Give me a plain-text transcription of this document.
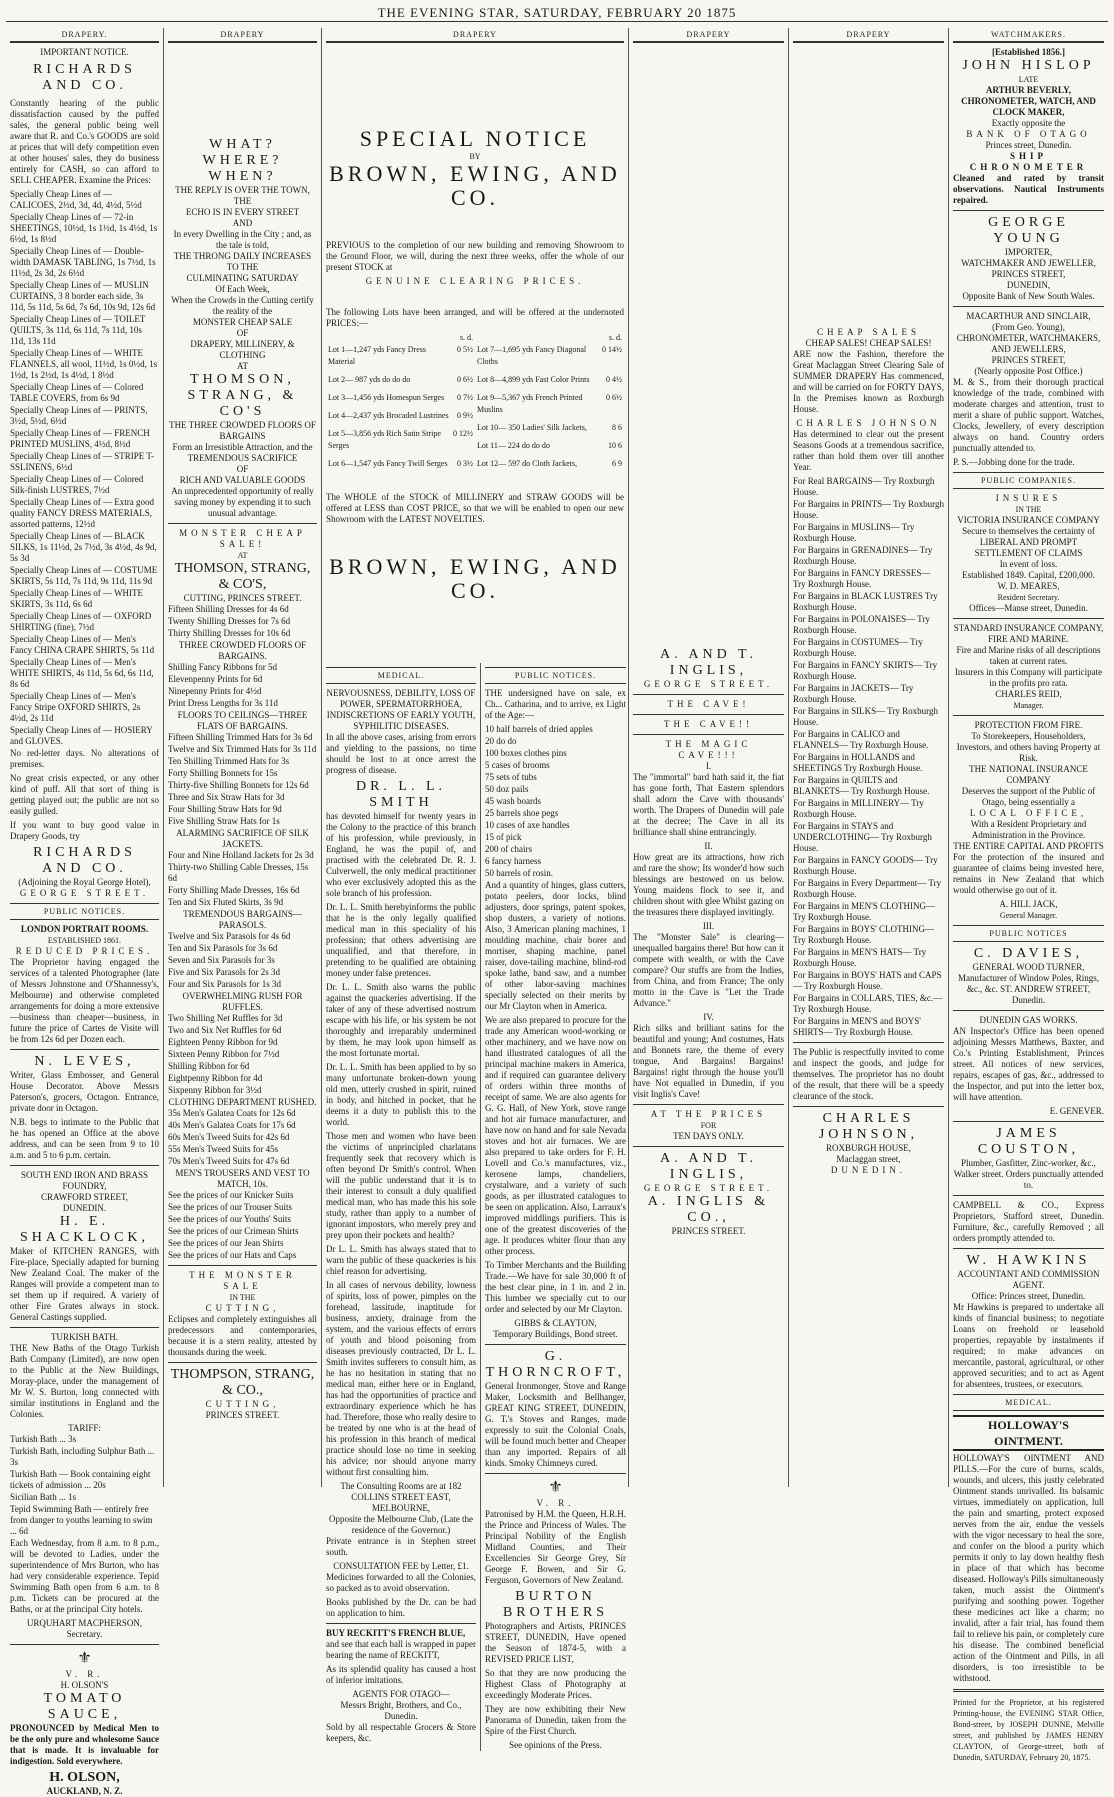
THE EVENING STAR, SATURDAY, FEBRUARY 20 1875
DRAPERY.
IMPORTANT NOTICE.
RICHARDS AND CO.

Constantly hearing of the public dissatisfaction caused by the puffed sales, the general public being well aware that R. and Co.'s GOODS are sold at prices that will defy competition even at other houses' sales, they do business entirely for CASH, so can afford to SELL CHEAPER. Examine the Prices:

Specially Cheap Lines of — CALICOES, 2½d, 3d, 4d, 4½d, 5½d
Specially Cheap Lines of — 72-in SHEETINGS, 10½d, 1s 1½d, 1s 4½d, 1s 6½d, 1s 8½d
Specially Cheap Lines of — Double-width DAMASK TABLING, 1s 7½d, 1s 11½d, 2s 3d, 2s 6½d
Specially Cheap Lines of — MUSLIN CURTAINS, 3 8 border each side, 3s 11d, 5s 11d, 5s 6d, 7s 6d, 10s 9d, 12s 6d
Specially Cheap Lines of — TOILET QUILTS, 3s 11d, 6s 11d, 7s 11d, 10s 11d, 13s 11d
Specially Cheap Lines of — WHITE FLANNELS, all wool, 11½d, 1s 0½d, 1s 1½d, 1s 2½d, 1s 4½d, 1 8½d
Specially Cheap Lines of — Colored TABLE COVERS, from 6s 9d
Specially Cheap Lines of — PRINTS, 3½d, 5½d, 6½d
Specially Cheap Lines of — FRENCH PRINTED MUSLINS, 4½d, 8½d
Specially Cheap Lines of — STRIPE T-SSLINENS, 6½d
Specially Cheap Lines of — Colored Silk-finish LUSTRES, 7½d
Specially Cheap Lines of — Extra good quality FANCY DRESS MATERIALS, assorted patterns, 12½d
Specially Cheap Lines of — BLACK SILKS, 1s 11½d, 2s 7½d, 3s 4½d, 4s 9d, 5s 3d
Specially Cheap Lines of — COSTUME SKIRTS, 5s 11d, 7s 11d, 9s 11d, 11s 9d
Specially Cheap Lines of — WHITE SKIRTS, 3s 11d, 6s 6d
Specially Cheap Lines of — OXFORD SHIRTING (fine), 7½d
Specially Cheap Lines of — Men's Fancy CHINA CRAPE SHIRTS, 5s 11d
Specially Cheap Lines of — Men's WHITE SHIRTS, 4s 11d, 5s 6d, 6s 11d, 8s 6d
Specially Cheap Lines of — Men's Fancy Stripe OXFORD SHIRTS, 2s 4½d, 2s 11d
Specially Cheap Lines of — HOSIERY and GLOVES.

No red-letter days. No alterations of premises.

No great crisis expected, or any other kind of puff. All that sort of thing is getting played out; the public are not so easily gulled.

If you want to buy good value in Drapery Goods, try

RICHARDS AND CO.
(Adjoining the Royal George Hotel),
GEORGE STREET.
PUBLIC NOTICES.
LONDON PORTRAIT ROOMS.
ESTABLISHED 1861.
REDUCED PRICES.

The Proprietor having engaged the services of a talented Photographer (late of Messrs Johnstone and O'Shannessy's, Melbourne) and otherwise completed arrangements for doing a more extensive—business than cheaper—business, in future the price of Cartes de Visite will be from 12s 6d per Dozen each.

N. LEVES,

Writer, Glass Embosser, and General House Decorator. Above Messrs Paterson's, grocers, Octagon. Entrance, private door in Octagon.

N.B. begs to intimate to the Public that he has opened an Office at the above address, and can be seen from 9 to 10 a.m. and 5 to 6 p.m. certain.

SOUTH END IRON AND BRASS FOUNDRY,
CRAWFORD STREET,
DUNEDIN.
H. E. SHACKLOCK,

Maker of KITCHEN RANGES, with Fire-place, Specially adapted for burning New Zealand Coal. The maker of the Ranges will provide a competent man to set them up if required. A variety of other Fire Grates always in stock. General Castings supplied.

TURKISH BATH.

THE New Baths of the Otago Turkish Bath Company (Limited), are now open to the Public at the New Buildings, Moray-place, under the management of Mr W. S. Burton, long connected with similar institutions in England and the Colonies.

TARIFF:
Turkish Bath ... 3s
Turkish Bath, including Sulphur Bath ... 3s
Turkish Bath — Book containing eight tickets of admission ... 20s
Sicilian Bath ... 1s
Tepid Swimming Bath — entirely free from danger to youths learning to swim ... 6d

Each Wednesday, from 8 a.m. to 8 p.m., will be devoted to Ladies, under the superintendence of Mrs Burton, who has had very considerable experience. Tepid Swimming Bath open from 6 a.m. to 8 p.m. Tickets can be procured at the Baths, or at the principal City hotels.

URQUHART MACPHERSON, Secretary.
⚜
V. R.
H. OLSON'S
TOMATO SAUCE,

PRONOUNCED by Medical Men to be the only pure and wholesome Sauce that is made. It is invaluable for indigestion. Sold everywhere.

H. OLSON,
AUCKLAND, N. Z.
DRAPERY
WHAT? WHERE? WHEN?
THE REPLY IS OVER THE TOWN,
THE
ECHO IS IN EVERY STREET
AND
In every Dwelling in the City ; and, as the tale is told,
THE THRONG DAILY INCREASES
TO THE
CULMINATING SATURDAY
Of Each Week,
When the Crowds in the Cutting certify the reality of the
MONSTER CHEAP SALE
OF
DRAPERY, MILLINERY, & CLOTHING
AT
THOMSON, STRANG, & CO'S
THE THREE CROWDED FLOORS OF BARGAINS
Form an Irresistible Attraction, and the
TREMENDOUS SACRIFICE
OF
RICH AND VALUABLE GOODS
An unprecedented opportunity of really saving money by expending it to such unusual advantage.
MONSTER CHEAP SALE!
AT
THOMSON, STRANG, & CO'S,
CUTTING, PRINCES STREET.
Fifteen Shilling Dresses for 4s 6d
Twenty Shilling Dresses for 7s 6d
Thirty Shilling Dresses for 10s 6d
THREE CROWDED FLOORS OF BARGAINS.
Shilling Fancy Ribbons for 5d
Elevenpenny Prints for 6d
Ninepenny Prints for 4½d
Print Dress Lengths for 3s 11d
FLOORS TO CEILINGS—THREE FLATS OF BARGAINS.
Fifteen Shilling Trimmed Hats for 3s 6d
Twelve and Six Trimmed Hats for 3s 11d
Ten Shilling Trimmed Hats for 3s
Forty Shilling Bonnets for 15s
Thirty-five Shilling Bonnets for 12s 6d
Three and Six Straw Hats for 3d
Four Shilling Straw Hats for 9d
Five Shilling Straw Hats for 1s
ALARMING SACRIFICE OF SILK JACKETS.
Four and Nine Holland Jackets for 2s 3d
Thirty-two Shilling Cable Dresses, 15s 6d
Forty Shilling Made Dresses, 16s 6d
Ten and Six Fluted Skirts, 3s 9d
TREMENDOUS BARGAINS—PARASOLS.
Twelve and Six Parasols for 4s 6d
Ten and Six Parasols for 3s 6d
Seven and Six Parasols for 3s
Five and Six Parasols for 2s 3d
Four and Six Parasols for 1s 3d
OVERWHELMING RUSH FOR RUFFLES.
Two Shilling Net Ruffles for 3d
Two and Six Net Ruffles for 6d
Eighteen Penny Ribbon for 9d
Sixteen Penny Ribbon for 7½d
Shilling Ribbon for 6d
Eightpenny Ribbon for 4d
Sixpenny Ribbon for 3½d
CLOTHING DEPARTMENT RUSHED.
35s Men's Galatea Coats for 12s 6d
40s Men's Galatea Coats for 17s 6d
60s Men's Tweed Suits for 42s 6d
55s Men's Tweed Suits for 45s
70s Men's Tweed Suits for 47s 6d
MEN'S TROUSERS AND VEST TO MATCH, 10s.
See the prices of our Knicker Suits
See the prices of our Trouser Suits
See the prices of our Youths' Suits
See the prices of our Crimean Shirts
See the prices of our Jean Shirts
See the prices of our Hats and Caps
THE MONSTER SALE
IN THE
CUTTING,

Eclipses and completely extinguishes all predecessors and contemporaries, because it is a stern reality, attested by thousands during the week.

THOMPSON, STRANG, & CO.,
CUTTING,
PRINCES STREET.
DRAPERY
SPECIAL NOTICE
BY
BROWN, EWING, AND CO.

PREVIOUS to the completion of our new building and removing Showroom to the Ground Floor, we will, during the next three weeks, offer the whole of our present STOCK at

GENUINE CLEARING PRICES.

The following Lots have been arranged, and will be offered at the undernoted PRICES:—

s. d.
Lot 1—1,247 yds Fancy Dress Material
0 5½
Lot 2— 987 yds do do do	0 6½
Lot 3—1,456 yds Homespun Serges 0 7½
Lot 4—2,437 yds Brocaded Lustrines 0 9½
Lot 5—3,856 yds Rich Satin Stripe Serges
0 12½
Lot 6—1,547 yds Fancy Twill Serges 0 3½

s. d.
Lot 7—1,695 yds Fancy Diagonal Cloths
0 14½
Lot 8—4,899 yds Fast Color Prints 0 4½
Lot 9—5,367 yds French Printed Muslins
0 6½
Lot 10— 350 Ladies' Silk Jackets,	8 6
Lot 11— 224 do do do	10 6
Lot 12— 597 do Cloth Jackets,	6 9

The WHOLE of the STOCK of MILLINERY and STRAW GOODS will be offered at LESS than COST PRICE, so that we will be enabled to open our new Showroom with the LATEST NOVELTIES.

BROWN, EWING, AND CO.
MEDICAL.
NERVOUSNESS, DEBILITY, LOSS OF POWER, SPERMATORRHOEA, INDISCRETIONS OF EARLY YOUTH, SYPHILITIC DISEASES.

In all the above cases, arising from errors and yielding to the passions, no time should be lost to at once arrest the progress of disease.

DR. L. L. SMITH

has devoted himself for twenty years in the Colony to the practice of this branch of his profession, while previously, in England, he was the pupil of, and practised with the celebrated Dr. R. J. Culverwell, the only medical practitioner who ever exclusively adopted this as the sole branch of his profession.

Dr. L. L. Smith herebyinforms the public that he is the only legally qualified medical man in this speciality of his profession; that others advertising are unqualified, and that therefore, in pretending to be qualified are obtaining money under false pretences.

Dr. L. L. Smith also warns the public against the quackeries advertising. If the taker of any of these advertised nostrum escape with his life, or his system be not thoroughly and irreparably undermined by them, he may look upon himself as the most fortunate mortal.

Dr. L. L. Smith has been applied to by so many unfortunate broken-down young old men, utterly crushed in spirit, ruined in body, and hitched in pocket, that he deems it a duty to publish this to the world.

Those men and women who have been the victims of unprincipled charlatans frequently seek that recovery which is often beyond Dr Smith's control. When will the public understand that it is to their interest to consult a duly qualified medical man, who has made this his sole study, rather than apply to a number of ignorant impostors, who merely prey and prey upon their pockets and health?

Dr L. L. Smith has always stated that to warn the public of these quackeries is his chief reason for advertising.

In all cases of nervous debility, lowness of spirits, loss of power, pimples on the forehead, lassitude, inaptitude for business, anxiety, drainage from the system, and the various effects of errors of youth and blood poisoning from diseases previously contracted, Dr L. L. Smith invites sufferers to consult him, as he has no hesitation in stating that no medical man, either here or in England, has had the opportunities of practice and extraordinary experience which he has had. Therefore, those who really desire to be treated by one who is at the head of his profession in this branch of medical practice should lose no time in seeking his advice; nor should anyone marry without first consulting him.

The Consulting Rooms are at 182
COLLINS STREET EAST, MELBOURNE,
Opposite the Melbourne Club, (Late the residence of the Governor.)

Private entrance is in Stephen street south.

CONSULTATION FEE by Letter, £1.

Medicines forwarded to all the Colonies, so packed as to avoid observation.

Books published by the Dr. can be had on application to him.

BUY RECKITT'S FRENCH BLUE,

and see that each ball is wrapped in paper bearing the name of RECKITT,

As its splendid quality has caused a host of inferior imitations.

AGENTS FOR OTAGO—
Messrs Bright, Brothers, and Co., Dunedin.

Sold by all respectable Grocers & Store keepers, &c.

PUBLIC NOTICES.

THE undersigned have on sale, ex Ch... Catharina, and to arrive, ex Light of the Age:—

10 half barrels of dried apples
20 do do
100 boxes clothes pins
5 cases of brooms
75 sets of tubs
50 doz pails
45 wash boards
25 barrels shoe pegs
10 cases of axe handles
15 of pick
200 of chairs
6 fancy harness
50 barrels of rosin.

And a quantity of hinges, glass cutters, potato peelers, door locks, blind adjusters, door springs, patent spokes, shop dusters, a variety of notions. Also, 3 American planing machines, 1 moulding machine, chair borer and mortiser, shaping machine, panel raiser, dove-tailing machine, blind-rod spoke lathe, band saw, and a number of other labor-saving machines specially selected on their merits by our Mr Clayton when in America.

We are also prepared to procure for the trade any American wood-working or other machinery, and we have now on hand illustrated catalogues of all the principal machine makers in America, and if required can guarantee delivery of orders within three months of receipt of same. We are also agents for G. G. Hall, of New York, stove range and hot air furnace manufacturer, and have now on hand and for sale Nevada stoves and hot air furnaces. We are also prepared to take orders for F. H. Lovell and Co.'s manufactures, viz., kerosene lamps, chandeliers, crystalware, and a variety of such goods, as per illustrated catalogues to be seen on application. Also, Larraux's improved middlings purifiers. This is one of the greatest discoveries of the age. It produces whiter flour than any other process.

To Timber Merchants and the Building Trade.—We have for sale 30,000 ft of the best clear pine, in 1 in. and 2 in. This lumber we specially cut to our order and selected by our Mr Clayton.

GIBBS & CLAYTON,
Temporary Buildings, Bond street.
G. THORNCROFT,

General Ironmonger, Stove and Range Maker, Locksmith and Bellhanger, GREAT KING STREET, DUNEDIN, G. T.'s Stoves and Ranges, made expressly to suit the Colonial Coals, will be found much better and Cheaper than any imported. Repairs of all kinds. Smoky Chimneys cured.

⚜
V. R.

Patronised by H.M. the Queen, H.R.H. the Prince and Princess of Wales. The Principal Nobility of the English Midland Counties, and Their Excellencies Sir George Grey, Sir George F. Bowen, and Sir G. Ferguson, Governors of New Zealand.

BURTON BROTHERS

Photographers and Artists, PRINCES STREET, DUNEDIN, Have opened the Season of 1874-5, with a REVISED PRICE LIST,

So that they are now producing the Highest Class of Photography at exceedingly Moderate Prices.

They are now exhibiting their New Panorama of Dunedin, taken from the Spire of the First Church.

See opinions of the Press.
DRAPERY
A. AND T. INGLIS,
GEORGE STREET.
THE CAVE!
THE CAVE!!
THE MAGIC CAVE!!!
I.

The "immortal" bard hath said it, the fiat has gone forth, That Eastern splendors shall adorn the Cave with thousands' worth. The Drapers of Dunedin will pale at the decree; The Cave in all its brilliance shall shine entrancingly.

II.

How great are its attractions, how rich and rare the show; Its wonder'd how such blessings are bestowed on us below. Young maidens flock to see it, and children shout with glee Whilst gazing on the treasures there displayed invitingly.

III.

The "Monster Sale" is clearing—unequalled bargains there! But how can it compete with wealth, or with the Cave compare? Our stuffs are from the Indies, from China, and from France; The only motto in the Cave is "Let the Trade Advance."

IV.

Rich silks and brilliant satins for the beautiful and young; And costumes, Hats and Bonnets rare, the theme of every tongue, And Bargains! Bargains! Bargains! right through the house you'll have Not equalled in Dunedin, if you visit Inglis's Cave!

AT THE PRICES
FOR
TEN DAYS ONLY.
A. AND T. INGLIS,
GEORGE STREET.
A. INGLIS & CO.,
PRINCES STREET.
DRAPERY
CHEAP SALES
CHEAP SALES! CHEAP SALES!

ARE now the Fashion, therefore the Great Maclaggan Street Clearing Sale of SUMMER DRAPERY Has commenced, and will be carried on for FORTY DAYS, In the Premises known as Roxburgh House.

CHARLES JOHNSON

Has determined to clear out the present Seasons Goods at a tremendous sacrifice, rather than hold them over till another Year.

For Real BARGAINS— Try Roxburgh House.
For Bargains in PRINTS— Try Roxburgh House.
For Bargains in MUSLINS— Try Roxburgh House.
For Bargains in GRENADINES— Try Roxburgh House.
For Bargains in FANCY DRESSES— Try Roxburgh House.
For Bargains in BLACK LUSTRES Try Roxburgh House.
For Bargains in POLONAISES— Try Roxburgh House.
For Bargains in COSTUMES— Try Roxburgh House.
For Bargains in FANCY SKIRTS— Try Roxburgh House.
For Bargains in JACKETS— Try Roxburgh House.
For Bargains in SILKS— Try Roxburgh House.
For Bargains in CALICO and FLANNELS— Try Roxburgh House.
For Bargains in HOLLANDS and SHEETINGS Try Roxburgh House.
For Bargains in QUILTS and BLANKETS— Try Roxburgh House.
For Bargains in MILLINERY— Try Roxburgh House.
For Bargains in STAYS and UNDERCLOTHING— Try Roxburgh House.
For Bargains in FANCY GOODS— Try Roxburgh House.
For Bargains in Every Department— Try Roxburgh House.
For Bargains in MEN'S CLOTHING— Try Roxburgh House.
For Bargains in BOYS' CLOTHING— Try Roxburgh House.
For Bargains in MEN'S HATS— Try Roxburgh House.
For Bargains in BOYS' HATS and CAPS— Try Roxburgh House.
For Bargains in COLLARS, TIES, &c.— Try Roxburgh House.
For Bargains in MEN'S and BOYS' SHIRTS— Try Roxburgh House.

The Public is respectfully invited to come and inspect the goods, and judge for themselves. The proprietor has no doubt of the result, that there will be a speedy clearance of the stock.

CHARLES JOHNSON,
ROXBURGH HOUSE,
Maclaggan street,
DUNEDIN.
WATCHMAKERS.
[Established 1856.]
JOHN HISLOP
LATE
ARTHUR BEVERLY,
CHRONOMETER, WATCH, AND CLOCK MAKER,
Exactly opposite the
BANK OF OTAGO
Princes street, Dunedin.
SHIP CHRONOMETER

Cleaned and rated by transit observations. Nautical Instruments repaired.

GEORGE YOUNG
IMPORTER,
WATCHMAKER AND JEWELLER,
PRINCES STREET,
DUNEDIN,
Opposite Bank of New South Wales.
MACARTHUR AND SINCLAIR,
(From Geo. Young),
CHRONOMETER, WATCHMAKERS, AND JEWELLERS,
PRINCES STREET,
(Nearly opposite Post Office.)

M. & S., from their thorough practical knowledge of the trade, combined with moderate charges and attention, trust to merit a share of public support. Watches, Clocks, Jewellery, of every description always on hand. Country orders punctually attended to.

P. S.—Jobbing done for the trade.
PUBLIC COMPANIES.
INSURES
IN THE
VICTORIA INSURANCE COMPANY
Secure to themselves the certainty of LIBERAL AND PROMPT SETTLEMENT OF CLAIMS
In event of loss.
Established 1849. Capital, £200,000.
W. D. MEARES,
Resident Secretary.
Offices—Manse street, Dunedin.
STANDARD INSURANCE COMPANY,
FIRE AND MARINE.
Fire and Marine risks of all descriptions taken at current rates.
Insurers in this Company will participate in the profits pro rata.
CHARLES REID,
Manager.
PROTECTION FROM FIRE.
To Storekeepers, Householders, Investors, and others having Property at Risk.
THE NATIONAL INSURANCE COMPANY
Deserves the support of the Public of Otago, being essentially a
LOCAL OFFICE,
With a Resident Proprietary and Administration in the Province.
THE ENTIRE CAPITAL AND PROFITS

For the protection of the insured and guarantee of claims being invested here, remains in New Zealand that which would otherwise go out of it.

A. HILL JACK,
General Manager.
PUBLIC NOTICES
C. DAVIES,
GENERAL WOOD TURNER, Manufacturer of Window Poles, Rings, &c., &c. ST. ANDREW STREET, Dunedin.
DUNEDIN GAS WORKS.

AN Inspector's Office has been opened adjoining Messrs Matthews, Baxter, and Co.'s Printing Establishment, Princes street. All notices of new services, repairs, escapes of gas, &c., addressed to the Inspector, and put into the letter box, will have attention.

E. GENEVER.
JAMES COUSTON,
Plumber, Gasfitter, Zinc-worker, &c., Walker street. Orders punctually attended to.

CAMPBELL & CO., Express Proprietors, Stafford street, Dunedin. Furniture, &c., carefully Removed ; all orders promptly attended to.

W. HAWKINS
ACCOUNTANT AND COMMISSION AGENT.
Office: Princes street, Dunedin.

Mr Hawkins is prepared to undertake all kinds of financial business; to negotiate Loans on freehold or leasehold properties, repayable by instalments if required; to make advances on mercantile, pastoral, agricultural, or other approved securities; and to act as Agent for absentees, trustees, or executors.

MEDICAL.
HOLLOWAY'S OINTMENT.

HOLLOWAY'S OINTMENT AND PILLS.—For the cure of burns, scalds, wounds, and ulcers, this justly celebrated Ointment stands unrivalled. Its balsamic virtues, immediately on application, lull the pain and smarting, protect exposed nerves from the air, endue the vessels with the vigor necessary to heal the sore, and confer on the blood a purity which permits it only to lay down healthy flesh in place of that which has become diseased. Holloway's Pills simultaneously taken, much assist the Ointment's purifying and soothing power. Together these medicines act like a charm; no invalid, after a fair trial, has found them fail to relieve his pain, or completely cure his disease. The combined beneficial action of the Ointment and Pills, in all disorders, is too irresistible to be withstood.

Printed for the Proprietor, at his registered Printing-house, the EVENING STAR Office, Bond-street, by JOSEPH DUNNE, Melville street, and published by JAMES HENRY CLAYTON, of George-street, both of Dunedin, SATURDAY, February 20, 1875.
